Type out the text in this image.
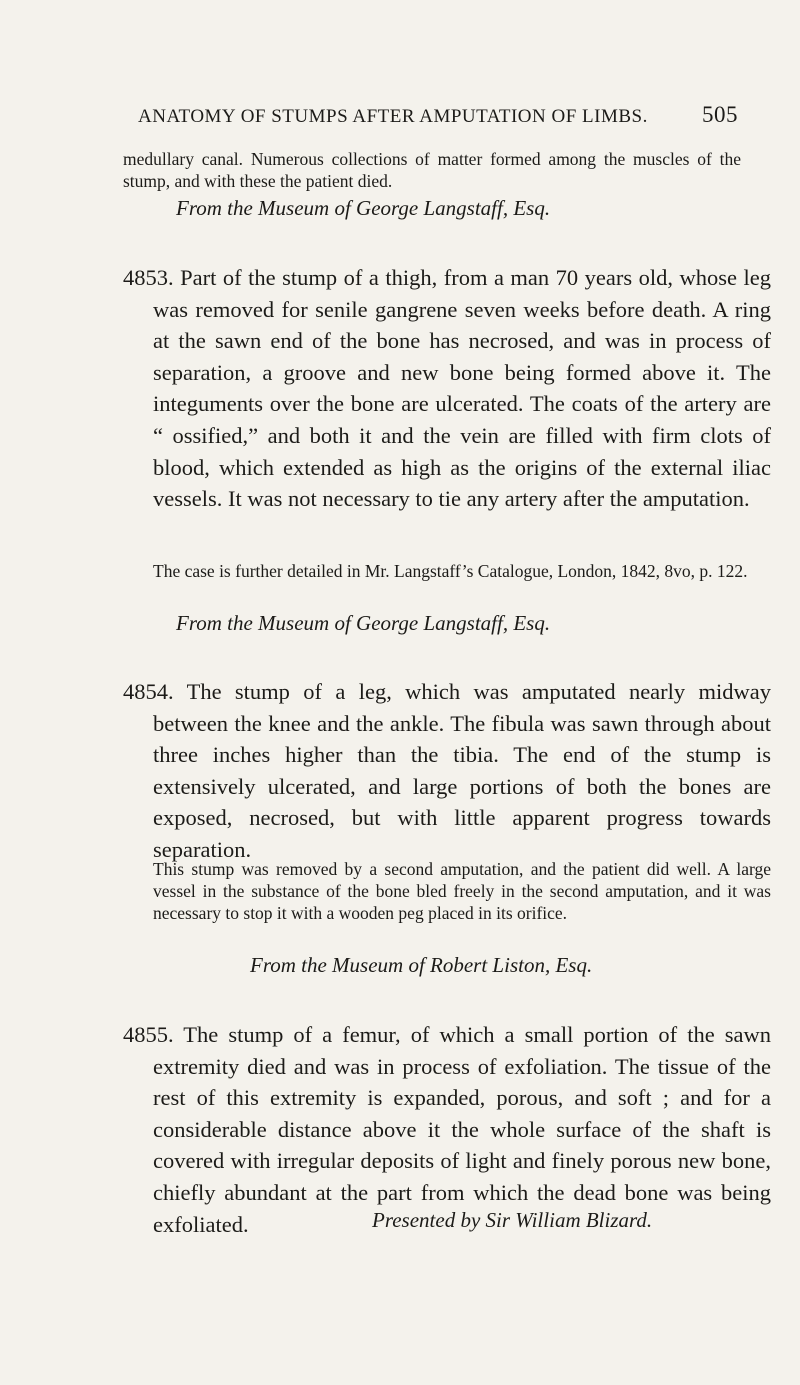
ANATOMY OF STUMPS AFTER AMPUTATION OF LIMBS. 505
medullary canal. Numerous collections of matter formed among the muscles of the stump, and with these the patient died.
From the Museum of George Langstaff, Esq.
4853. Part of the stump of a thigh, from a man 70 years old, whose leg was removed for senile gangrene seven weeks before death. A ring at the sawn end of the bone has necrosed, and was in process of separation, a groove and new bone being formed above it. The integuments over the bone are ulcerated. The coats of the artery are “ ossified,” and both it and the vein are filled with firm clots of blood, which extended as high as the origins of the external iliac vessels. It was not necessary to tie any artery after the amputation.
The case is further detailed in Mr. Langstaff’s Catalogue, London, 1842, 8vo, p. 122.
From the Museum of George Langstaff, Esq.
4854. The stump of a leg, which was amputated nearly midway between the knee and the ankle. The fibula was sawn through about three inches higher than the tibia. The end of the stump is extensively ulcerated, and large portions of both the bones are exposed, necrosed, but with little apparent progress towards separation.
This stump was removed by a second amputation, and the patient did well. A large vessel in the substance of the bone bled freely in the second amputation, and it was necessary to stop it with a wooden peg placed in its orifice.
From the Museum of Robert Liston, Esq.
4855. The stump of a femur, of which a small portion of the sawn extremity died and was in process of exfoliation. The tissue of the rest of this extremity is expanded, porous, and soft ; and for a considerable distance above it the whole surface of the shaft is covered with irregular deposits of light and finely porous new bone, chiefly abundant at the part from which the dead bone was being exfoliated.	Presented by Sir William Blizard.
